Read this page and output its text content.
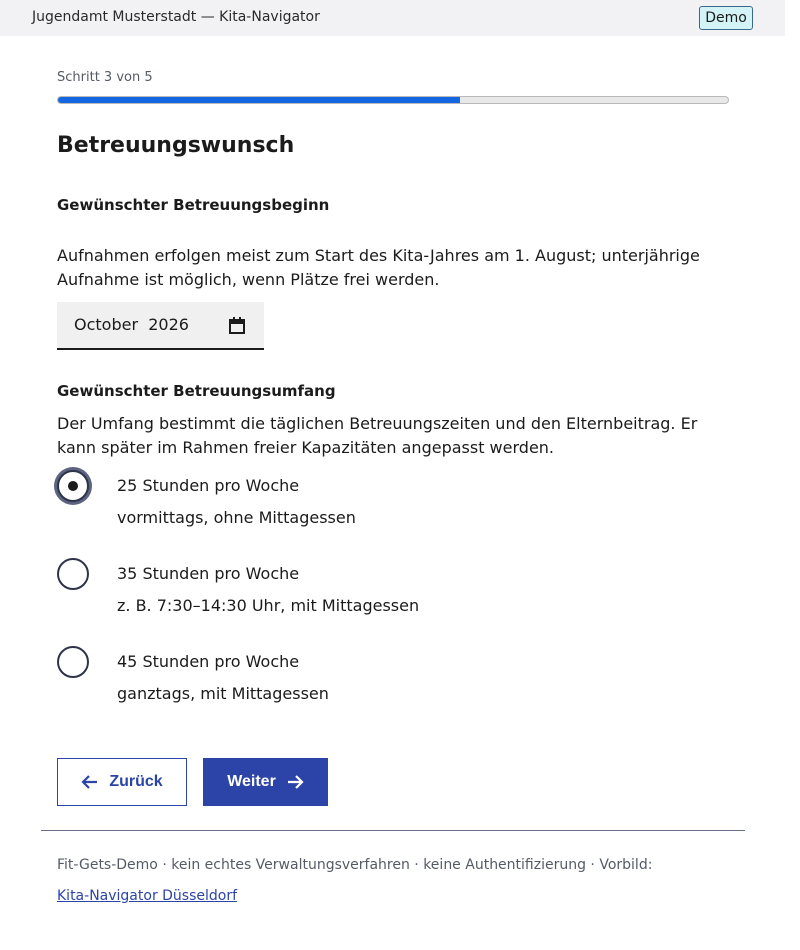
Jugendamt Musterstadt — Kita-Navigator	Demo
Schritt 3 von 5
Betreuungswunsch
Gewünschter Betreuungsbeginn

Aufnahmen erfolgen meist zum Start des Kita-Jahres am 1. August; unterjährige Aufnahme ist möglich, wenn Plätze frei werden.

October  2026
Gewünschter Betreuungsumfang

Der Umfang bestimmt die täglichen Betreuungszeiten und den Elternbeitrag. Er kann später im Rahmen freier Kapazitäten angepasst werden.

25 Stunden pro Woche
vormittags, ohne Mittagessen
35 Stunden pro Woche
z. B. 7:30–14:30 Uhr, mit Mittagessen
45 Stunden pro Woche
ganztags, mit Mittagessen
Zurück	Weiter
Fit-Gets-Demo · kein echtes Verwaltungsverfahren · keine Authentifizierung · Vorbild:
Kita-Navigator Düsseldorf
